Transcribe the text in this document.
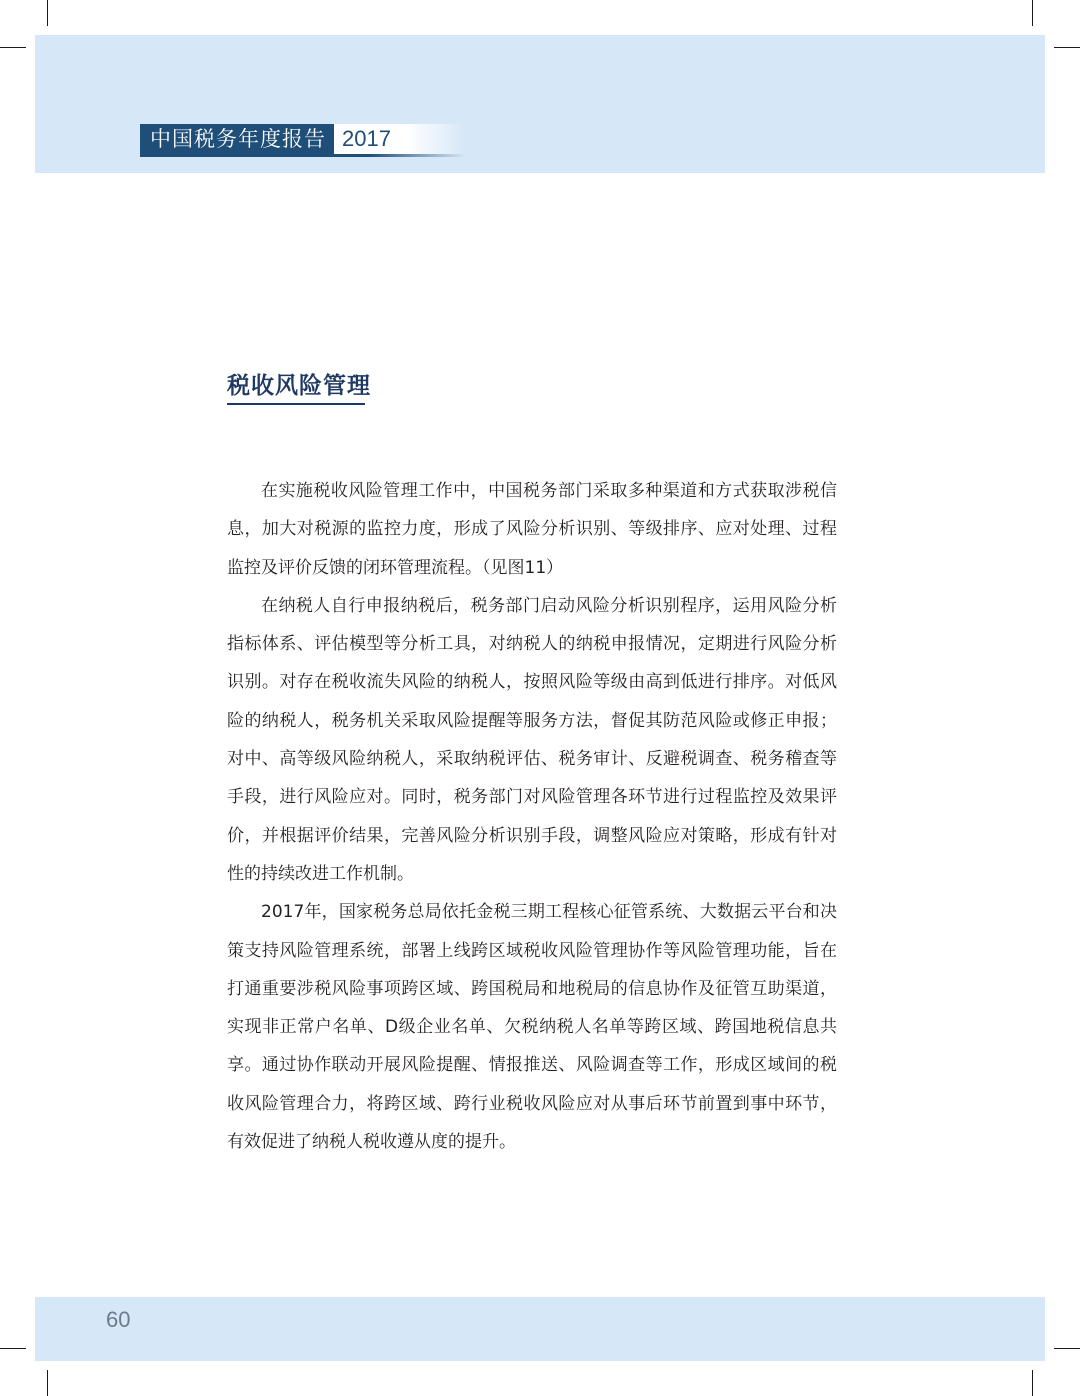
中国税务年度报告 2017
税收风险管理

在实施税收风险管理工作中，中国税务部门采取多种渠道和方式获取涉税信息，加大对税源的监控力度，形成了风险分析识别、等级排序、应对处理、过程监控及评价反馈的闭环管理流程。（见图11）

在纳税人自行申报纳税后，税务部门启动风险分析识别程序，运用风险分析指标体系、评估模型等分析工具，对纳税人的纳税申报情况，定期进行风险分析识别。对存在税收流失风险的纳税人，按照风险等级由高到低进行排序。对低风险的纳税人，税务机关采取风险提醒等服务方法，督促其防范风险或修正申报；对中、高等级风险纳税人，采取纳税评估、税务审计、反避税调查、税务稽查等手段，进行风险应对。同时，税务部门对风险管理各环节进行过程监控及效果评价，并根据评价结果，完善风险分析识别手段，调整风险应对策略，形成有针对性的持续改进工作机制。

2017年，国家税务总局依托金税三期工程核心征管系统、大数据云平台和决策支持风险管理系统，部署上线跨区域税收风险管理协作等风险管理功能，旨在打通重要涉税风险事项跨区域、跨国税局和地税局的信息协作及征管互助渠道，实现非正常户名单、D级企业名单、欠税纳税人名单等跨区域、跨国地税信息共享。通过协作联动开展风险提醒、情报推送、风险调查等工作，形成区域间的税收风险管理合力，将跨区域、跨行业税收风险应对从事后环节前置到事中环节，有效促进了纳税人税收遵从度的提升。

60
